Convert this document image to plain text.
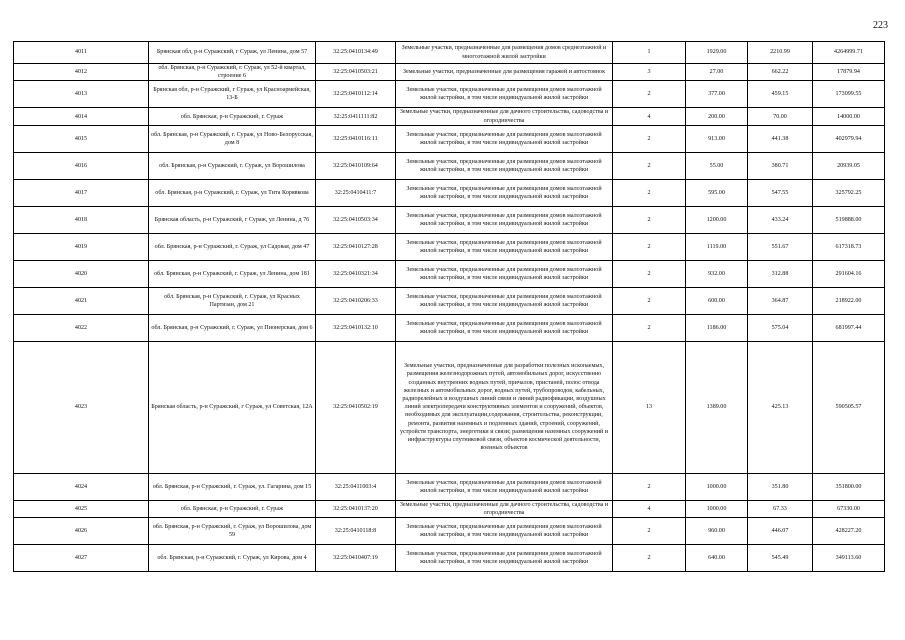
223
4011	Брянская обл, р-н Суражский, г Сураж, ул Ленина, дом 57	32:25:0410134:49	Земельные участки, предназначенные для размещения домов среднеэтажной и многоэтажной жилой застройки	1	1929.00	2210.99	4264999.71
4012	обл. Брянская, р-н Суражский, г. Сураж, ул 52-й квартал, строение 6	32:25:0410503:21	Земельные участки, предназначенные для размещения гаражей и автостоянок	3	27.00	662.22	17879.94
4013	Брянская обл, р-н Суражский, г Сураж, ул Красноармейская, 13-Б	32:25:0410112:14	Земельные участки, предназначенные для размещения домов малоэтажной жилой застройки, в том числе индивидуальной жилой застройки	2	377.00	459.15	173099.55
4014	обл. Брянская, р-н Суражский, г. Сураж	32:25:0411111:82	Земельные участки, предназначенные для дачного строительства, садоводства и огородничества	4	200.00	70.00	14000.00
4015	обл. Брянская, р-н Суражский, г. Сураж, ул Ново-Белорусская, дом 8	32:25:0410116:11	Земельные участки, предназначенные для размещения домов малоэтажной жилой застройки, в том числе индивидуальной жилой застройки	2	913.00	441.38	402979.94
4016	обл. Брянская, р-н Суражский, г. Сураж, ул Ворошилова	32:25:0410109:64	Земельные участки, предназначенные для размещения домов малоэтажной жилой застройки, в том числе индивидуальной жилой застройки	2	55.00	380.71	20939.05
4017	обл. Брянская, р-н Суражский, г. Сураж, ул Тита Корявкова	32:25:0410411:7	Земельные участки, предназначенные для размещения домов малоэтажной жилой застройки, в том числе индивидуальной жилой застройки	2	595.00	547.55	325792.25
4018	Брянская область, р-н Суражский, г Сураж, ул Ленина, д 76	32:25:0410503:34	Земельные участки, предназначенные для размещения домов малоэтажной жилой застройки, в том числе индивидуальной жилой застройки	2	1200.00	433.24	519888.00
4019	обл. Брянская, р-н Суражский, г. Сураж, ул Садовая, дом 47	32:25:0410127:28	Земельные участки, предназначенные для размещения домов малоэтажной жилой застройки, в том числе индивидуальной жилой застройки	2	1119.00	551.67	617318.73
4020	обл. Брянская, р-н Суражский, г. Сураж, ул Ленина, дом 181	32:25:0410321:34	Земельные участки, предназначенные для размещения домов малоэтажной жилой застройки, в том числе индивидуальной жилой застройки	2	932.00	312.88	291604.16
4021	обл. Брянская, р-н Суражский, г. Сураж, ул Красных Партизан, дом 21	32:25:0410206:33	Земельные участки, предназначенные для размещения домов малоэтажной жилой застройки, в том числе индивидуальной жилой застройки	2	600.00	364.87	218922.00
4022	обл. Брянская, р-н Суражский, г. Сураж, ул Пионерская, дом 6	32:25:0410132:10	Земельные участки, предназначенные для размещения домов малоэтажной жилой застройки, в том числе индивидуальной жилой застройки	2	1186.00	575.04	681997.44
4023	Брянская область, р-н Суражский, г Сураж, ул Советская, 12А	32:25:0410502:19	Земельные участки, предназначенные для разработки полезных ископаемых, размещения железнодорожных путей, автомобильных дорог, искусственно созданных внутренних водных путей, причалов, пристаней, полос отвода железных и автомобильных дорог, водных путей, трубопроводов, кабельных, радиорелейных и воздушных линий связи и линий радиофикации, воздушных линий электропередачи конструктивных элементов и сооружений, объектов, необходимых для эксплуатации,содержания, строительства, реконструкции, ремонта, развития наземных и подземных зданий, строений, сооружений, устройств транспорта, энергетики и связи; размещения наземных сооружений и инфраструктуры спутниковой связи, объектов космической деятельности, военных объектов	13	1389.00	425.13	590505.57
4024	обл. Брянская, р-н Суражский, г. Сураж, ул. Гагарина, дом 15	32:25:0411003:4	Земельные участки, предназначенные для размещения домов малоэтажной жилой застройки, в том числе индивидуальной жилой застройки	2	1000.00	351.80	351800.00
4025	обл. Брянская, р-н Суражский, г. Сураж	32:25:0410137:20	Земельные участки, предназначенные для дачного строительства, садоводства и огородничества	4	1000.00	67.33	67330.00
4026	обл. Брянская, р-н Суражский, г. Сураж, ул Ворошилова, дом 59	32:25:0410118:8	Земельные участки, предназначенные для размещения домов малоэтажной жилой застройки, в том числе индивидуальной жилой застройки	2	960.00	446.07	428227.20
4027	обл. Брянская, р-н Суражский, г. Сураж, ул Кирова, дом 4	32:25:0410407:19	Земельные участки, предназначенные для размещения домов малоэтажной жилой застройки, в том числе индивидуальной жилой застройки	2	640.00	545.49	349113.60
